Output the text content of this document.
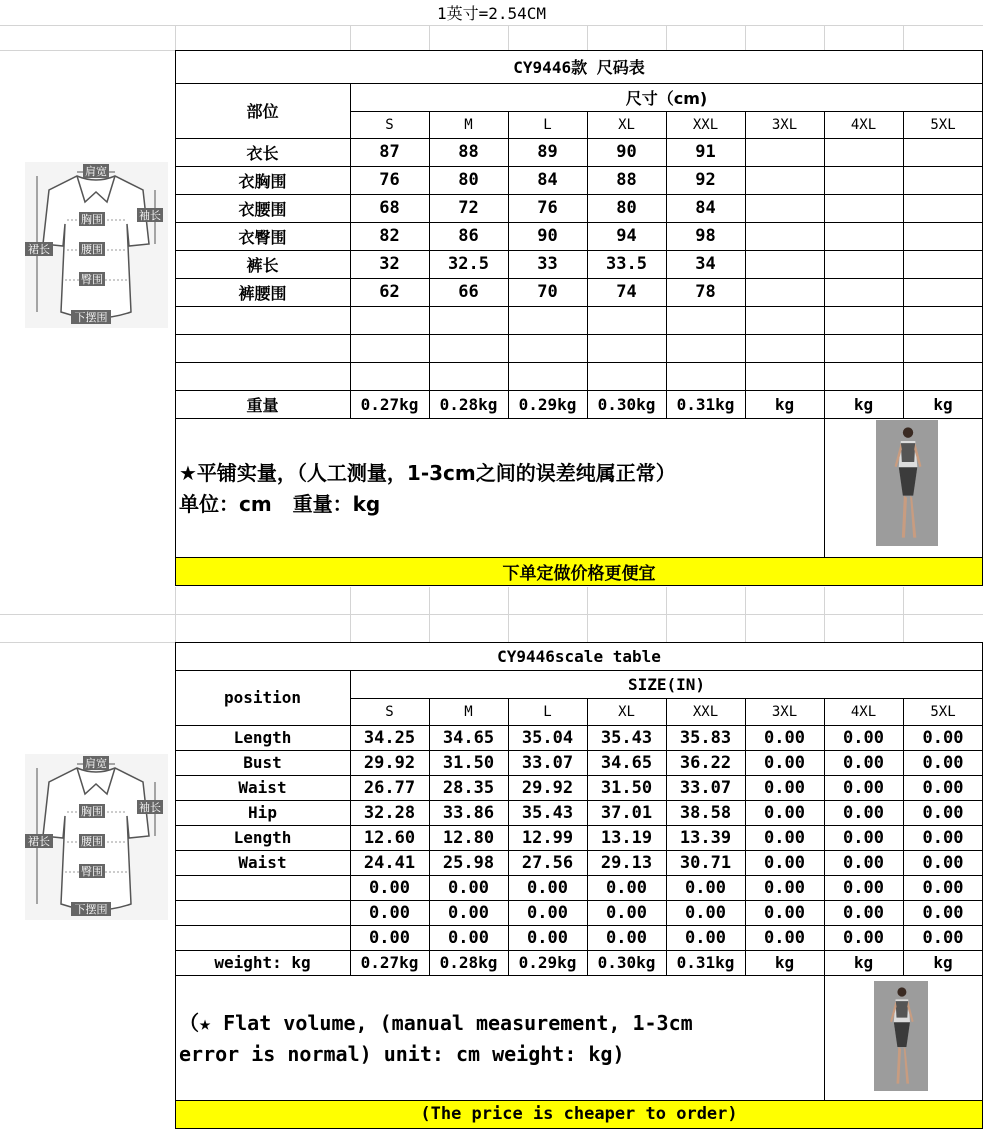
1英寸=2.54CM
CY9446款 尺码表
部位
尺寸（cm)
S	M	L	XL	XXL	3XL	4XL	5XL
衣长	87	88	89	90	91
衣胸围	76	80	84	88	92
衣腰围	68	72	76	80	84
衣臀围	82	86	90	94	98
裤长	32	32.5	33	33.5	34
裤腰围	62	66	70	74	78
重量	0.27kg	0.28kg	0.29kg	0.30kg	0.31kg	kg	kg	kg
★平铺实量，（人工测量，1-3cm之间的误差纯属正常）
单位：cm   重量：kg
下单定做价格更便宜
肩宽
胸围
腰围
臀围
下摆围
袖长
裙长
CY9446scale table
position
SIZE(IN)
S	M	L	XL	XXL	3XL	4XL	5XL
Length	34.25	34.65	35.04	35.43	35.83	0.00	0.00	0.00
Bust	29.92	31.50	33.07	34.65	36.22	0.00	0.00	0.00
Waist	26.77	28.35	29.92	31.50	33.07	0.00	0.00	0.00
Hip	32.28	33.86	35.43	37.01	38.58	0.00	0.00	0.00
Length	12.60	12.80	12.99	13.19	13.39	0.00	0.00	0.00
Waist	24.41	25.98	27.56	29.13	30.71	0.00	0.00	0.00
0.00	0.00	0.00	0.00	0.00	0.00	0.00	0.00
0.00	0.00	0.00	0.00	0.00	0.00	0.00	0.00
0.00	0.00	0.00	0.00	0.00	0.00	0.00	0.00
weight: kg	0.27kg	0.28kg	0.29kg	0.30kg	0.31kg	kg	kg	kg
（★ Flat volume, (manual measurement, 1-3cm
error is normal) unit: cm weight: kg)
(The price is cheaper to order)
肩宽
胸围
腰围
臀围
下摆围
袖长
裙长
